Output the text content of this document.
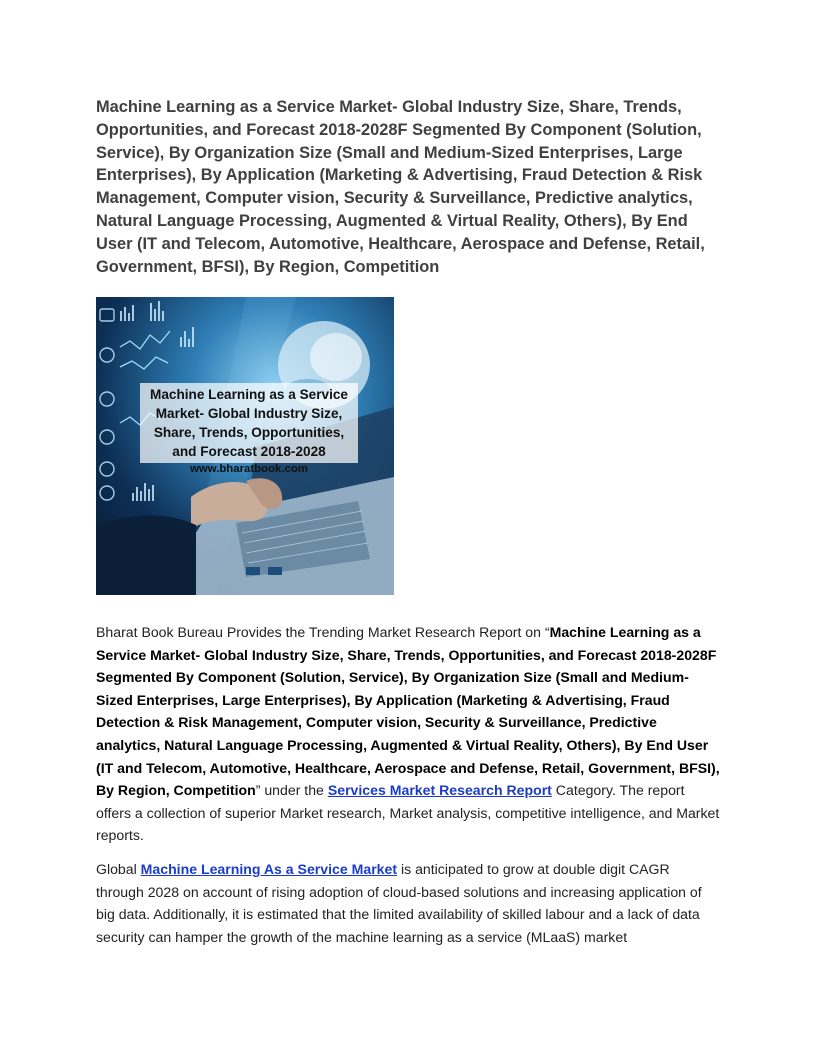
Machine Learning as a Service Market- Global Industry Size, Share, Trends, Opportunities, and Forecast 2018-2028F Segmented By Component (Solution, Service), By Organization Size (Small and Medium-Sized Enterprises, Large Enterprises), By Application (Marketing & Advertising, Fraud Detection & Risk Management, Computer vision, Security & Surveillance, Predictive analytics, Natural Language Processing, Augmented & Virtual Reality, Others), By End User (IT and Telecom, Automotive, Healthcare, Aerospace and Defense, Retail, Government, BFSI), By Region, Competition
Machine Learning as a Service Market- Global Industry Size, Share, Trends, Opportunities, and Forecast 2018-2028
www.bharatbook.com

Bharat Book Bureau Provides the Trending Market Research Report on “Machine Learning as a Service Market- Global Industry Size, Share, Trends, Opportunities, and Forecast 2018-2028F Segmented By Component (Solution, Service), By Organization Size (Small and Medium-Sized Enterprises, Large Enterprises), By Application (Marketing & Advertising, Fraud Detection & Risk Management, Computer vision, Security & Surveillance, Predictive analytics, Natural Language Processing, Augmented & Virtual Reality, Others), By End User (IT and Telecom, Automotive, Healthcare, Aerospace and Defense, Retail, Government, BFSI), By Region, Competition” under the Services Market Research Report Category. The report offers a collection of superior Market research, Market analysis, competitive intelligence, and Market reports.

Global Machine Learning As a Service Market is anticipated to grow at double digit CAGR through 2028 on account of rising adoption of cloud-based solutions and increasing application of big data. Additionally, it is estimated that the limited availability of skilled labour and a lack of data security can hamper the growth of the machine learning as a service (MLaaS) market
